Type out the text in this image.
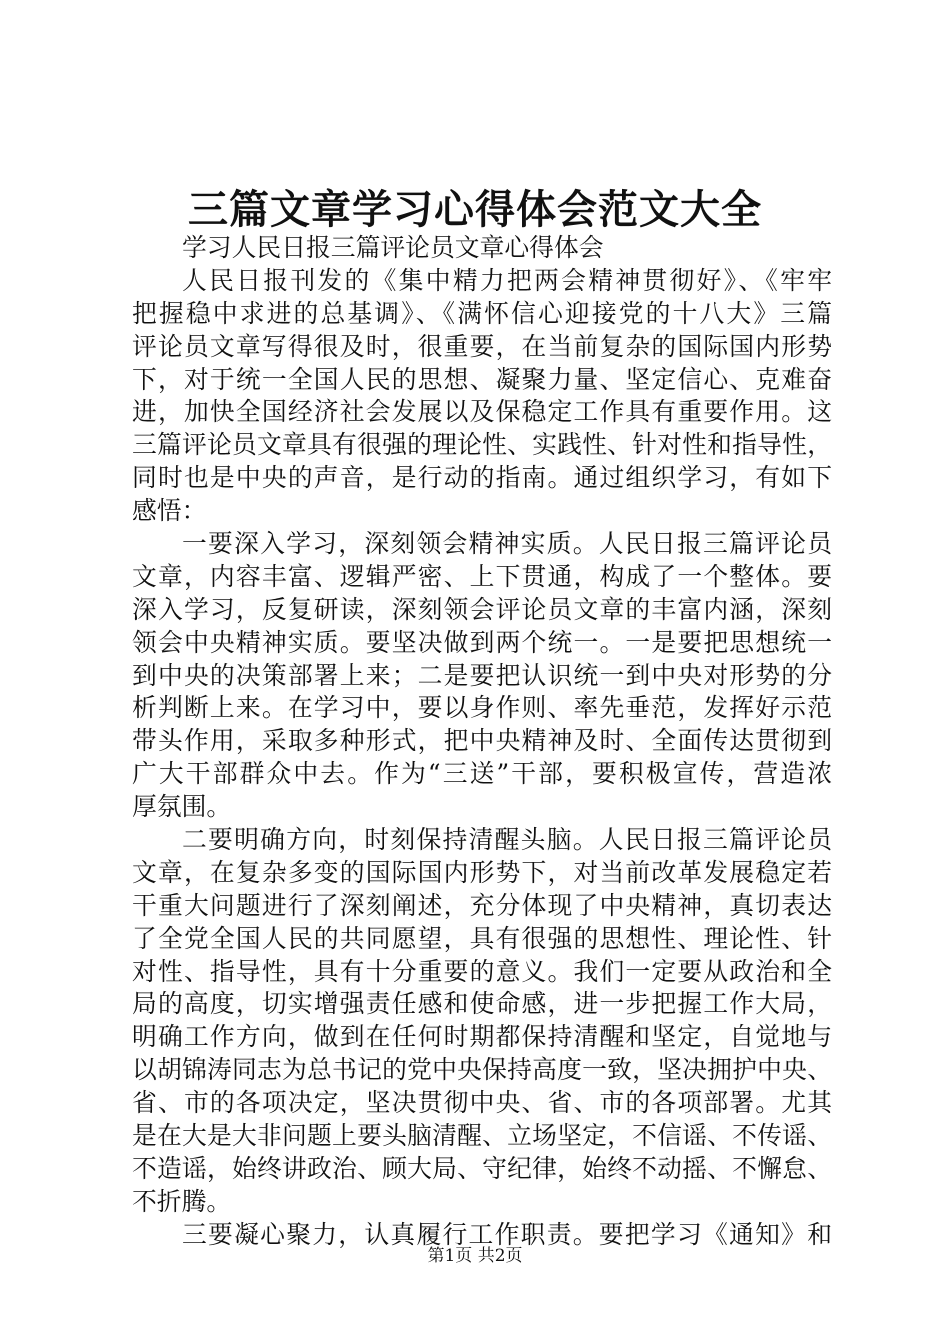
三篇文章学习心得体会范文大全
学习人民日报三篇评论员文章心得体会
人民日报刊发的《集中精力把两会精神贯彻好》、《牢牢
把握稳中求进的总基调》、《满怀信心迎接党的十八大》三篇
评论员文章写得很及时，很重要，在当前复杂的国际国内形势
下，对于统一全国人民的思想、凝聚力量、坚定信心、克难奋
进，加快全国经济社会发展以及保稳定工作具有重要作用。这
三篇评论员文章具有很强的理论性、实践性、针对性和指导性，
同时也是中央的声音，是行动的指南。通过组织学习，有如下
感悟：
一要深入学习，深刻领会精神实质。人民日报三篇评论员
文章，内容丰富、逻辑严密、上下贯通，构成了一个整体。要
深入学习，反复研读，深刻领会评论员文章的丰富内涵，深刻
领会中央精神实质。要坚决做到两个统一。一是要把思想统一
到中央的决策部署上来；二是要把认识统一到中央对形势的分
析判断上来。在学习中，要以身作则、率先垂范，发挥好示范
带头作用，采取多种形式，把中央精神及时、全面传达贯彻到
广大干部群众中去。作为“三送”干部，要积极宣传，营造浓
厚氛围。
二要明确方向，时刻保持清醒头脑。人民日报三篇评论员
文章，在复杂多变的国际国内形势下，对当前改革发展稳定若
干重大问题进行了深刻阐述，充分体现了中央精神，真切表达
了全党全国人民的共同愿望，具有很强的思想性、理论性、针
对性、指导性，具有十分重要的意义。我们一定要从政治和全
局的高度，切实增强责任感和使命感，进一步把握工作大局，
明确工作方向，做到在任何时期都保持清醒和坚定，自觉地与
以胡锦涛同志为总书记的党中央保持高度一致，坚决拥护中央、
省、市的各项决定，坚决贯彻中央、省、市的各项部署。尤其
是在大是大非问题上要头脑清醒、立场坚定，不信谣、不传谣、
不造谣，始终讲政治、顾大局、守纪律，始终不动摇、不懈怠、
不折腾。
三要凝心聚力，认真履行工作职责。要把学习《通知》和
第1页 共2页
